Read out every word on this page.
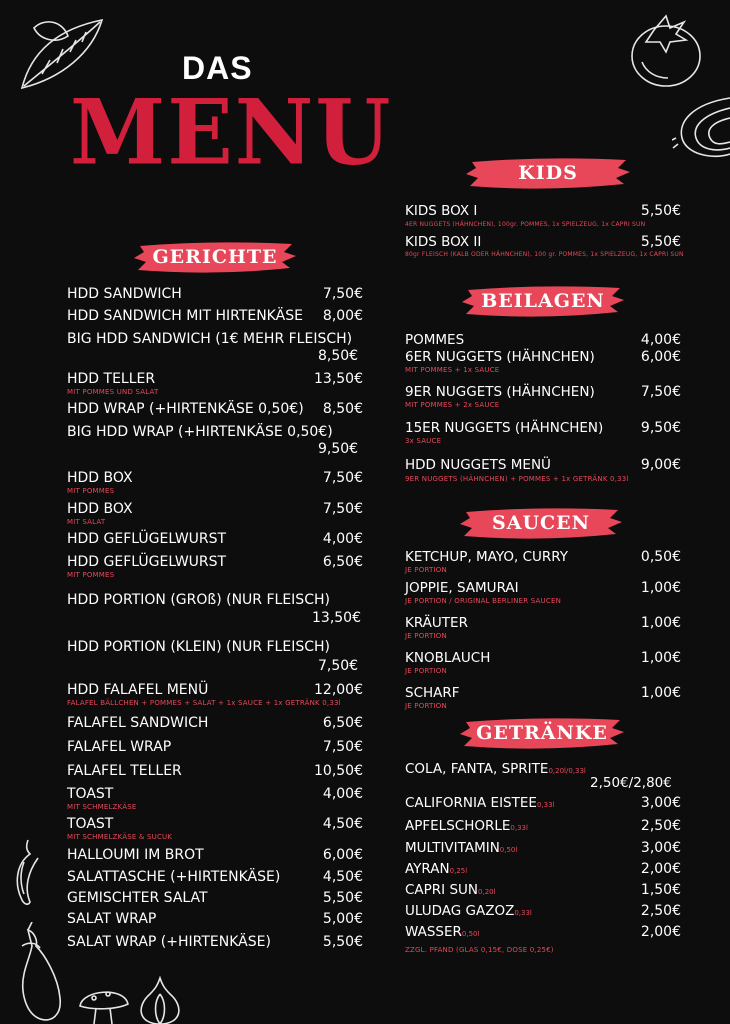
DAS
MENU
GERICHTE
KIDS
BEILAGEN
SAUCEN
GETRÄNKE
HDD SANDWICH	7,50€
HDD SANDWICH MIT HIRTENKÄSE 8,00€
BIG HDD SANDWICH (1€ MEHR FLEISCH)
8,50€
HDD TELLER	13,50€
MIT POMMES UND SALAT
HDD WRAP (+HIRTENKÄSE 0,50€) 8,50€
BIG HDD WRAP (+HIRTENKÄSE 0,50€)
9,50€
HDD BOX	7,50€
MIT POMMES
HDD BOX	7,50€
MIT SALAT
HDD GEFLÜGELWURST	4,00€
HDD GEFLÜGELWURST	6,50€
MIT POMMES
HDD PORTION (GROß) (NUR FLEISCH)
13,50€
HDD PORTION (KLEIN) (NUR FLEISCH)
7,50€
HDD FALAFEL MENÜ	12,00€
FALAFEL BÄLLCHEN + POMMES + SALAT + 1x SAUCE + 1x GETRÄNK 0,33l
FALAFEL SANDWICH	6,50€
FALAFEL WRAP	7,50€
FALAFEL TELLER	10,50€
TOAST	4,00€
MIT SCHMELZKÄSE
TOAST	4,50€
MIT SCHMELZKÄSE & SUCUK
HALLOUMI IM BROT	6,00€
SALATTASCHE (+HIRTENKÄSE)	4,50€
GEMISCHTER SALAT	5,50€
SALAT WRAP	5,00€
SALAT WRAP (+HIRTENKÄSE)	5,50€
KIDS BOX I	5,50€
4ER NUGGETS (HÄHNCHEN), 100gr. POMMES, 1x SPIELZEUG, 1x CAPRI SUN
KIDS BOX II	5,50€
80gr FLEISCH (KALB ODER HÄHNCHEN), 100 gr. POMMES, 1x SPIELZEUG, 1x CAPRI SUN
POMMES	4,00€
6ER NUGGETS (HÄHNCHEN)	6,00€
MIT POMMES + 1x SAUCE
9ER NUGGETS (HÄHNCHEN)	7,50€
MIT POMMES + 2x SAUCE
15ER NUGGETS (HÄHNCHEN)	9,50€
3x SAUCE
HDD NUGGETS MENÜ	9,00€
9ER NUGGETS (HÄHNCHEN) + POMMES + 1x GETRÄNK 0,33l
KETCHUP, MAYO, CURRY	0,50€
JE PORTION
JOPPIE, SAMURAI	1,00€
JE PORTION / ORIGINAL BERLINER SAUCEN
KRÄUTER	1,00€
JE PORTION
KNOBLAUCH	1,00€
JE PORTION
SCHARF	1,00€
JE PORTION
COLA, FANTA, SPRITE0,20l/0,33l
2,50€/2,80€
CALIFORNIA EISTEE0,33l	3,00€
APFELSCHORLE0,33l	2,50€
MULTIVITAMIN0,50l	3,00€
AYRAN0,25l	2,00€
CAPRI SUN0,20l	1,50€
ULUDAG GAZOZ0,33l	2,50€
WASSER0,50l	2,00€
ZZGL. PFAND (GLAS 0,15€, DOSE 0,25€)
